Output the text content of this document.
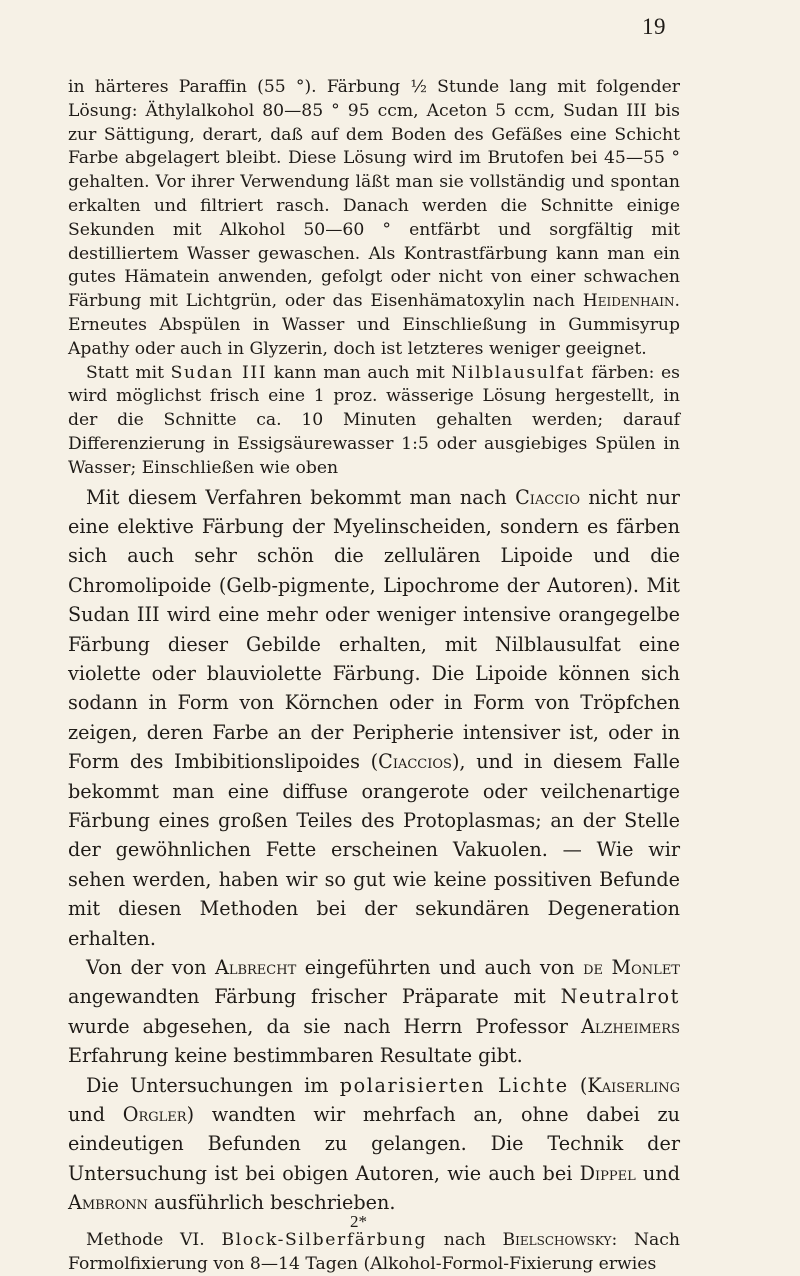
19

in härteres Paraffin (55 °). Färbung ½ Stunde lang mit folgender Lösung: Äthylalkohol 80—85 ° 95 ccm, Aceton 5 ccm, Sudan III bis zur Sättigung, derart, daß auf dem Boden des Gefäßes eine Schicht Farbe abgelagert bleibt. Diese Lösung wird im Brutofen bei 45—55 ° gehalten. Vor ihrer Verwendung läßt man sie vollständig und spontan erkalten und filtriert rasch. Danach werden die Schnitte einige Sekunden mit Alkohol 50—60 ° entfärbt und sorgfältig mit destilliertem Wasser gewaschen. Als Kontrastfärbung kann man ein gutes Hämatein anwenden, gefolgt oder nicht von einer schwachen Färbung mit Lichtgrün, oder das Eisenhämatoxylin nach Heidenhain. Erneutes Abspülen in Wasser und Einschließung in Gummisyrup Apathy oder auch in Glyzerin, doch ist letzteres weniger geeignet.

Statt mit Sudan III kann man auch mit Nilblausulfat färben: es wird möglichst frisch eine 1 proz. wässerige Lösung hergestellt, in der die Schnitte ca. 10 Minuten gehalten werden; darauf Differenzierung in Essigsäurewasser 1:5 oder ausgiebiges Spülen in Wasser; Einschließen wie oben

Mit diesem Verfahren bekommt man nach Ciaccio nicht nur eine elektive Färbung der Myelinscheiden, sondern es färben sich auch sehr schön die zellulären Lipoide und die Chromolipoide (Gelb-pigmente, Lipochrome der Autoren). Mit Sudan III wird eine mehr oder weniger intensive orangegelbe Färbung dieser Gebilde erhalten, mit Nilblausulfat eine violette oder blauviolette Färbung. Die Lipoide können sich sodann in Form von Körnchen oder in Form von Tröpfchen zeigen, deren Farbe an der Peripherie intensiver ist, oder in Form des Imbibitionslipoides (Ciaccios), und in diesem Falle bekommt man eine diffuse orangerote oder veilchenartige Färbung eines großen Teiles des Protoplasmas; an der Stelle der gewöhnlichen Fette erscheinen Vakuolen. — Wie wir sehen werden, haben wir so gut wie keine possitiven Befunde mit diesen Methoden bei der sekundären Degeneration erhalten.

Von der von Albrecht eingeführten und auch von de Monlet angewandten Färbung frischer Präparate mit Neutralrot wurde abgesehen, da sie nach Herrn Professor Alzheimers Erfahrung keine bestimmbaren Resultate gibt.

Die Untersuchungen im polarisierten Lichte (Kaiserling und Orgler) wandten wir mehrfach an, ohne dabei zu eindeutigen Befunden zu gelangen. Die Technik der Untersuchung ist bei obigen Autoren, wie auch bei Dippel und Ambronn ausführlich beschrieben.

Methode VI. Block-Silberfärbung nach Bielschowsky: Nach Formolfixierung von 8—14 Tagen (Alkohol-Formol-Fixierung erwies

2*
